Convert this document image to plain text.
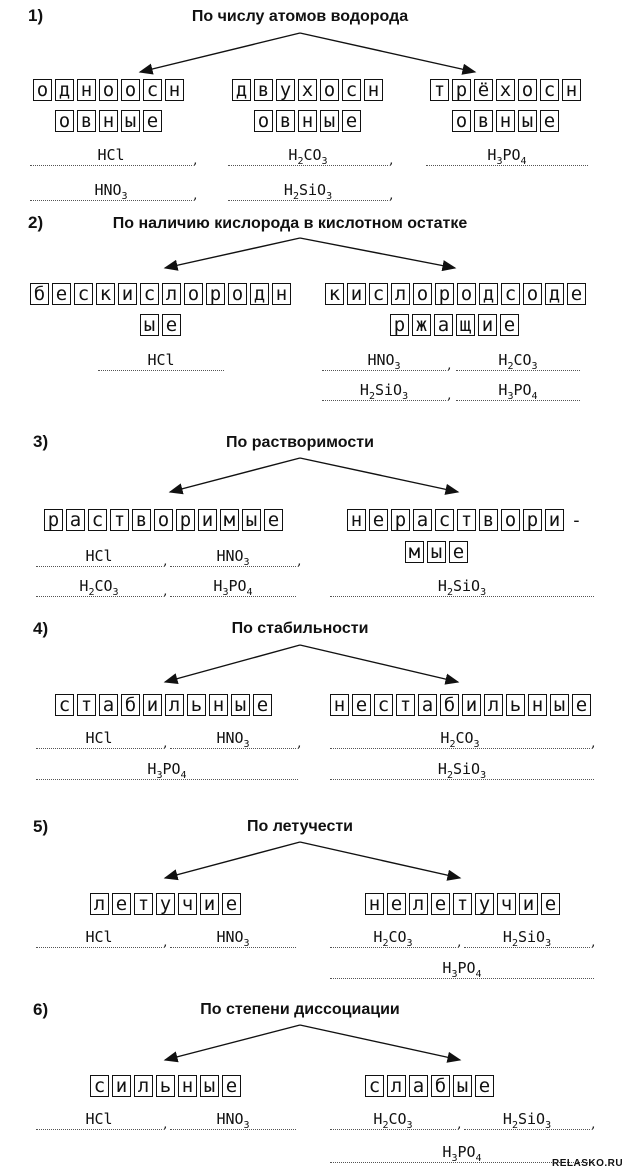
1)	По числу атомов водорода
о д н о о с н
о в н ы е
д в у х о с н
о в н ы е
т р ё х о с н
о в н ы е
HCl	,
$HNO_3$	,
$H_2CO_3$	,
$H_2SiO_3$	,
$H_3PO_4$
2)	По наличию кислорода в кислотном остатке
б е с к и с л о р о д н
ы е
к и с л о р о д с о д е
р ж а щ и е
HCl	$HNO_3$	,	$H_2CO_3$
$H_2SiO_3$	,	$H_3PO_4$
3)	По растворимости
р а с т в о р и м ы е	н е р а с т в о р и -
м ы е
HCl	,	$HNO_3$	,
$H_2CO_3$	,	$H_3PO_4$	$H_2SiO_3$
4)	По стабильности
с т а б и л ь н ы е	н е с т а б и л ь н ы е
HCl	,	$HNO_3$	,
$H_3PO_4$
$H_2CO_3$	,
$H_2SiO_3$
5)	По летучести
л е т у ч и е	н е л е т у ч и е
HCl	,	$HNO_3$	$H_2CO_3$	,	$H_2SiO_3$	,
$H_3PO_4$
6)	По степени диссоциации
с и л ь н ы е	с л а б ы е
HCl	,	$HNO_3$	$H_2CO_3$	,	$H_2SiO_3$	,
$H_3PO_4$	RELASKO.RU
